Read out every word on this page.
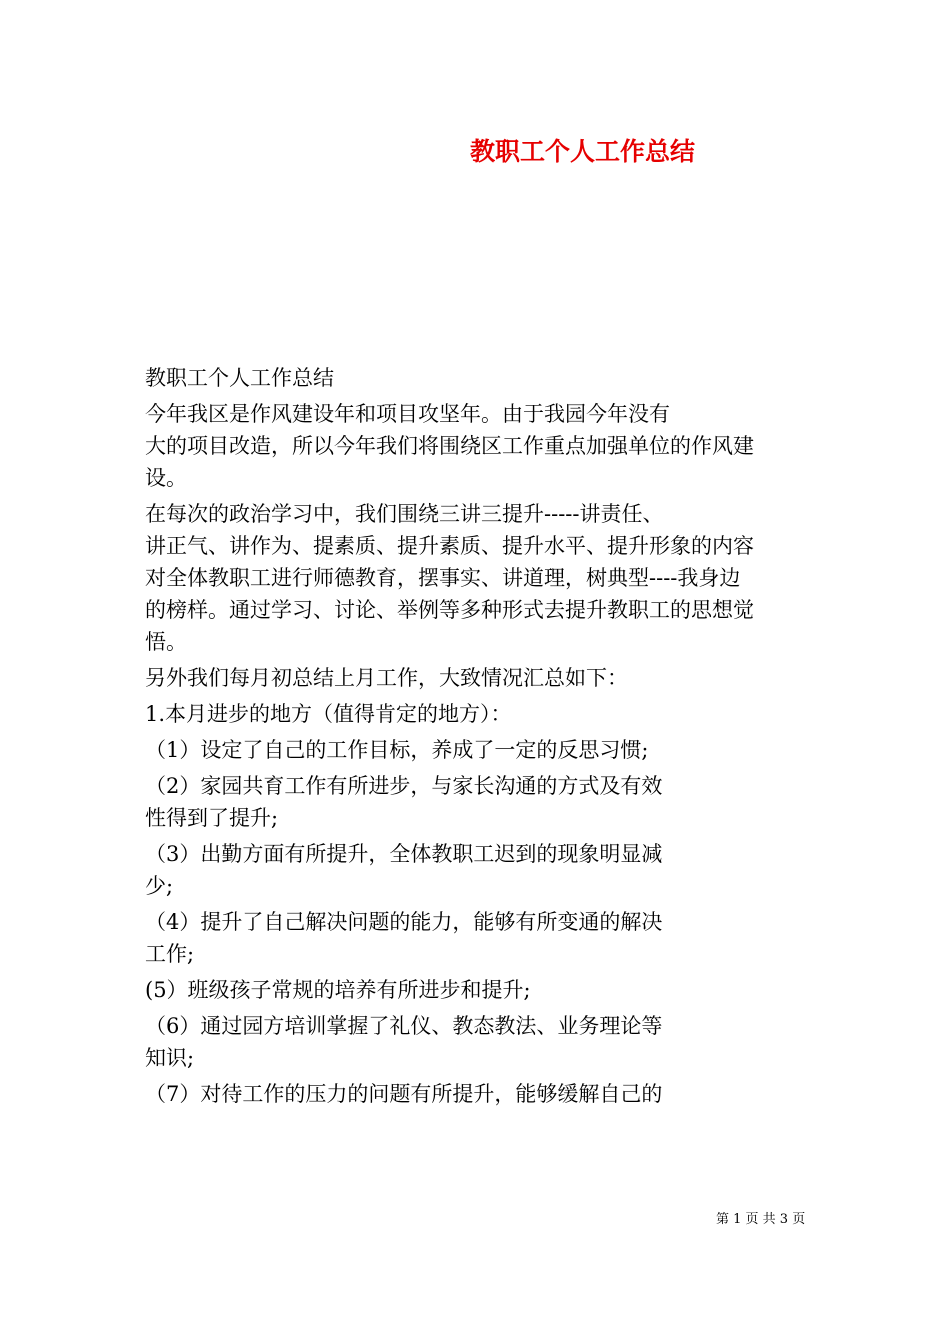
教职工个人工作总结

教职工个人工作总结

今年我区是作风建设年和项目攻坚年。由于我园今年没有
大的项目改造，所以今年我们将围绕区工作重点加强单位的作风建
设。

在每次的政治学习中，我们围绕三讲三提升-----讲责任、
讲正气、讲作为、提素质、提升素质、提升水平、提升形象的内容
对全体教职工进行师德教育，摆事实、讲道理，树典型----我身边
的榜样。通过学习、讨论、举例等多种形式去提升教职工的思想觉
悟。

另外我们每月初总结上月工作，大致情况汇总如下：

1.本月进步的地方（值得肯定的地方）：

（1）设定了自己的工作目标，养成了一定的反思习惯;

（2）家园共育工作有所进步，与家长沟通的方式及有效
性得到了提升;

（3）出勤方面有所提升，全体教职工迟到的现象明显减
少;

（4）提升了自己解决问题的能力，能够有所变通的解决
工作;

(5）班级孩子常规的培养有所进步和提升;

（6）通过园方培训掌握了礼仪、教态教法、业务理论等
知识;

（7）对待工作的压力的问题有所提升，能够缓解自己的

第 1 页 共 3 页
